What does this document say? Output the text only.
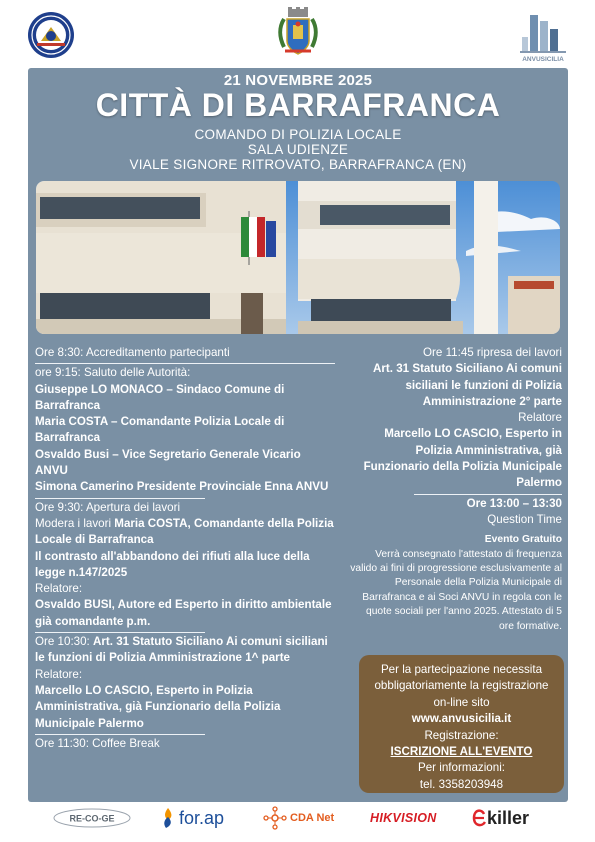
ANVUSICILIA
21 NOVEMBRE 2025
CITTÀ DI BARRAFRANCA
COMANDO DI POLIZIA LOCALE
SALA UDIENZE
VIALE SIGNORE RITROVATO, BARRAFRANCA (EN)
Ore 8:30: Accreditamento partecipanti
ore 9:15: Saluto delle Autorità:
Giuseppe LO MONACO – Sindaco Comune di Barrafranca
Maria COSTA – Comandante Polizia Locale di Barrafranca
Osvaldo Busi – Vice Segretario Generale Vicario ANVU
Simona Camerino Presidente Provinciale Enna ANVU
Ore 9:30: Apertura dei lavori
Modera i lavori Maria COSTA, Comandante della Polizia Locale di Barrafranca
Il contrasto all'abbandono dei rifiuti alla luce della legge n.147/2025
Relatore:
Osvaldo BUSI, Autore ed Esperto in diritto ambientale già comandante p.m.
Ore 10:30: Art. 31 Statuto Siciliano Ai comuni siciliani le funzioni di Polizia Amministrazione 1^ parte
Relatore:
Marcello LO CASCIO, Esperto in Polizia Amministrativa, già Funzionario della Polizia Municipale Palermo
Ore 11:30: Coffee Break
Ore 11:45 ripresa dei lavori
Art. 31 Statuto Siciliano Ai comuni siciliani le funzioni di Polizia Amministrazione 2° parte
Relatore
Marcello LO CASCIO, Esperto in Polizia Amministrativa, già Funzionario della Polizia Municipale Palermo
Ore 13:00 – 13:30
Question Time
Evento Gratuito
Verrà consegnato l'attestato di frequenza valido ai fini di progressione esclusivamente al Personale della Polizia Municipale di Barrafranca e ai Soci ANVU in regola con le quote sociali per l'anno 2025. Attestato di 5 ore formative.
Per la partecipazione necessita obbligatoriamente la registrazione on-line sito
www.anvusicilia.it
Registrazione:
ISCRIZIONE ALL'EVENTO
Per informazioni:
tel. 3358203948
RE-CO-GE	for.ap	CDA Net	HIKVISION	killer
